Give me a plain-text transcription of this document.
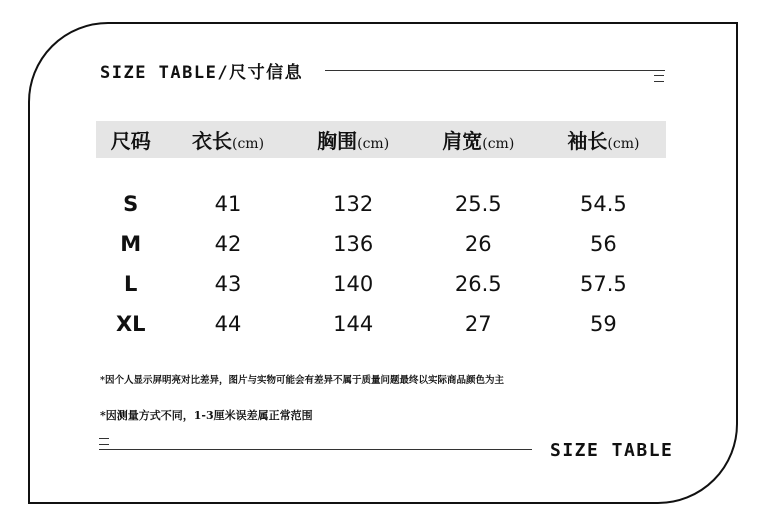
SIZE TABLE/尺寸信息
尺码	衣长(cm)	胸围(cm)	肩宽(cm)	袖长(cm)

S	41	132	25.5	54.5
M	42	136	26	56
L	43	140	26.5	57.5
XL	44	144	27	59
*因个人显示屏明亮对比差异，图片与实物可能会有差异不属于质量问题最终以实际商品颜色为主
*因测量方式不同，1-3厘米误差属正常范围
SIZE TABLE
